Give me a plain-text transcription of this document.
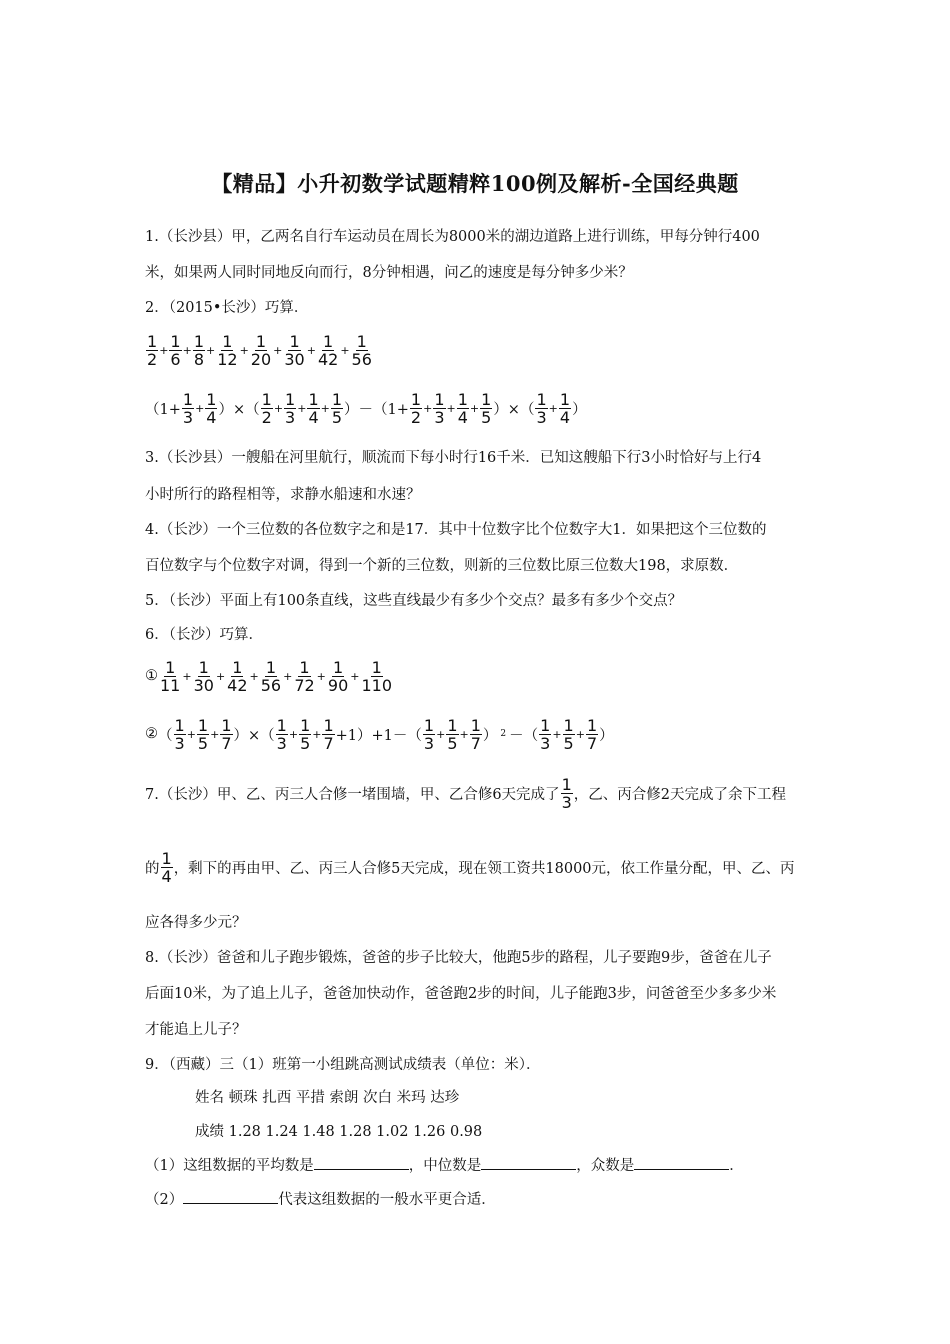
【精品】小升初数学试题精粹100例及解析-全国经典题
1.（长沙县）甲，乙两名自行车运动员在周长为8000米的湖边道路上进行训练，甲每分钟行400
米，如果两人同时同地反向而行，8分钟相遇，问乙的速度是每分钟多少米？
2．（2015•长沙）巧算．
$\frac{1}{2} + \frac{1}{6} + \frac{1}{8} + \frac{1}{12} + \frac{1}{20} + \frac{1}{30} + \frac{1}{42} + \frac{1}{56}$
（$1+ \frac{1}{3} + \frac{1}{4}$ ）×（ $\frac{1}{2} + \frac{1}{3} + \frac{1}{4} + \frac{1}{5} )-(1+ \frac{1}{2} + \frac{1}{3} + \frac{1}{4} + \frac{1}{5}$ ）×（ $\frac{1}{3} + \frac{1}{4}$ ）
3.（长沙县）一艘船在河里航行，顺流而下每小时行16千米．已知这艘船下行3小时恰好与上行4
小时所行的路程相等，求静水船速和水速？
4.（长沙）一个三位数的各位数字之和是17．其中十位数字比个位数字大1．如果把这个三位数的
百位数字与个位数字对调，得到一个新的三位数，则新的三位数比原三位数大198，求原数．
5．（长沙）平面上有100条直线，这些直线最少有多少个交点？最多有多少个交点？
6．（长沙）巧算．
① $\frac{1}{11} + \frac{1}{30} + \frac{1}{42} + \frac{1}{56} + \frac{1}{72} + \frac{1}{90} + \frac{1}{110}$
② （ $\frac{1}{3} + \frac{1}{5} + \frac{1}{7}$ ）×（ $\frac{1}{3} + \frac{1}{5} + \frac{1}{7} +1)+1-( \frac{1}{3} + \frac{1}{5} + \frac{1}{7}$ ） 2 －（ $\frac{1}{3} + \frac{1}{5} + \frac{1}{7}$ ）
7.（长沙）甲、乙、丙三人合修一堵围墙，甲、乙合修6天完成了 $\frac{1}{3}$ ，乙、丙合修2天完成了余下工程
的 $\frac{1}{4}$ ，剩下的再由甲、乙、丙三人合修5天完成，现在领工资共18000元，依工作量分配，甲、乙、丙
应各得多少元？
8.（长沙）爸爸和儿子跑步锻炼，爸爸的步子比较大，他跑5步的路程，儿子要跑9步，爸爸在儿子
后面10米，为了追上儿子，爸爸加快动作，爸爸跑2步的时间，儿子能跑3步，问爸爸至少多多少米
才能追上儿子？
9．（西藏）三（1）班第一小组跳高测试成绩表（单位：米）．
姓名 顿珠 扎西 平措 索朗 次白 米玛 达珍
成绩 1.28 1.24 1.48 1.28 1.02 1.26 0.98
（1）这组数据的平均数是	，中位数是	，众数是	．
（2）	代表这组数据的一般水平更合适．
